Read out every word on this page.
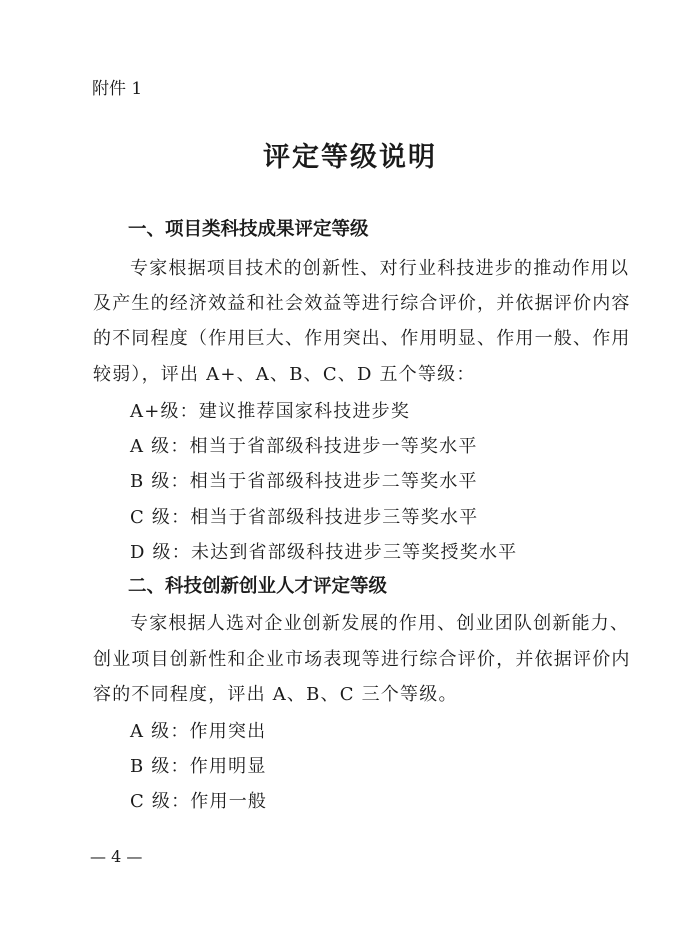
附件 1
评定等级说明
一、项目类科技成果评定等级
专家根据项目技术的创新性、对行业科技进步的推动作用以
及产生的经济效益和社会效益等进行综合评价，并依据评价内容
的不同程度（作用巨大、作用突出、作用明显、作用一般、作用
较弱），评出 A+、A、B、C、D 五个等级：
A+级：建议推荐国家科技进步奖
A 级：相当于省部级科技进步一等奖水平
B 级：相当于省部级科技进步二等奖水平
C 级：相当于省部级科技进步三等奖水平
D 级：未达到省部级科技进步三等奖授奖水平
二、科技创新创业人才评定等级
专家根据人选对企业创新发展的作用、创业团队创新能力、
创业项目创新性和企业市场表现等进行综合评价，并依据评价内
容的不同程度，评出 A、B、C 三个等级。
A 级：作用突出
B 级：作用明显
C 级：作用一般
— 4 —
